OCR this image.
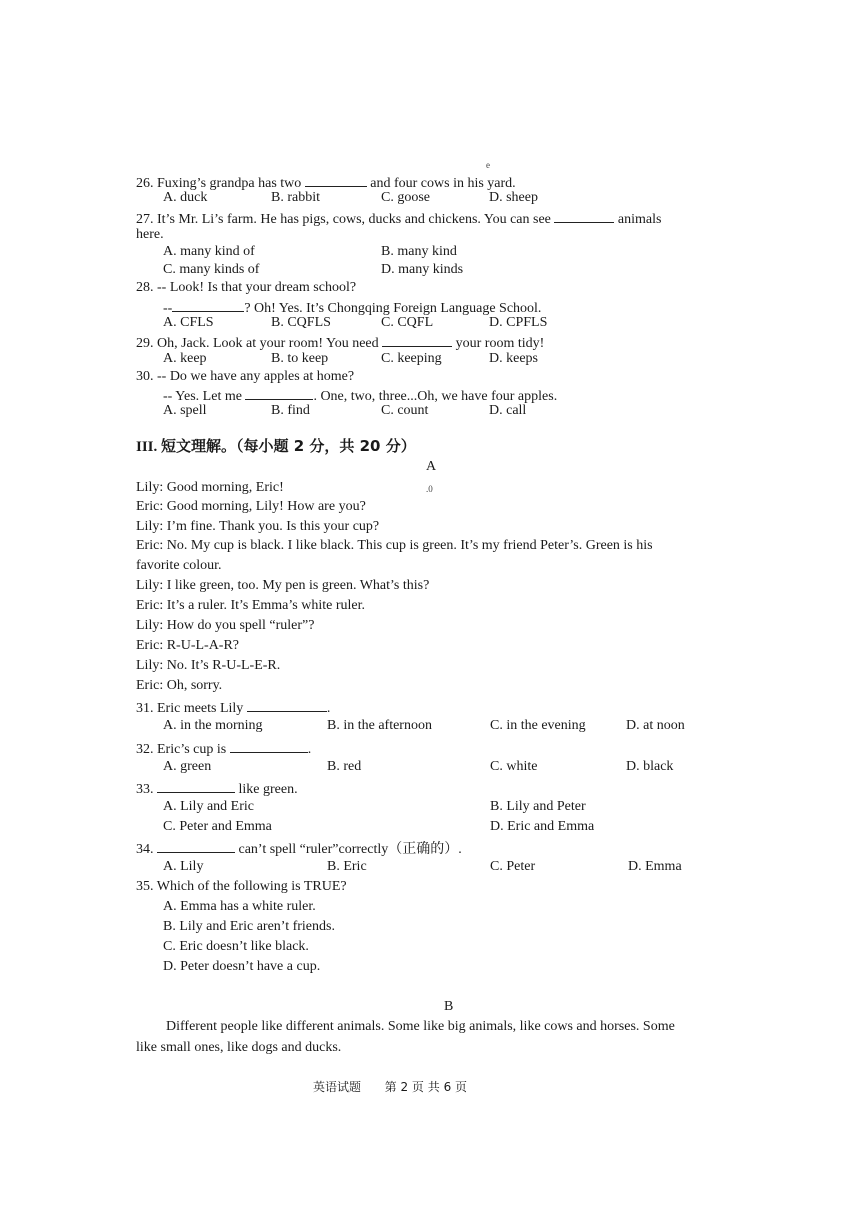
e
26. Fuxing’s grandpa has two	and four cows in his yard.
A. duck	B. rabbit	C. goose	D. sheep
27. It’s Mr. Li’s farm. He has pigs, cows, ducks and chickens. You can see	animals
here.
A. many kind of	B. many kind
C. many kinds of	D. many kinds
28. -- Look! Is that your dream school?
--	? Oh! Yes. It’s Chongqing Foreign Language School.
A. CFLS	B. CQFLS	C. CQFL	D. CPFLS
29. Oh, Jack. Look at your room! You need	your room tidy!
A. keep	B. to keep	C. keeping	D. keeps
30. -- Do we have any apples at home?
-- Yes. Let me	. One, two, three...Oh, we have four apples.
A. spell	B. find	C. count	D. call
III. 短文理解。（每小题 2 分，共 20 分）
A
.0
Lily: Good morning, Eric!
Eric: Good morning, Lily! How are you?
Lily: I’m fine. Thank you. Is this your cup?
Eric: No. My cup is black. I like black. This cup is green. It’s my friend Peter’s. Green is his
favorite colour.
Lily: I like green, too. My pen is green. What’s this?
Eric: It’s a ruler. It’s Emma’s white ruler.
Lily: How do you spell “ruler”?
Eric: R-U-L-A-R?
Lily: No. It’s R-U-L-E-R.
Eric: Oh, sorry.
31. Eric meets Lily	.
A. in the morning	B. in the afternoon	C. in the evening	D. at noon
32. Eric’s cup is	.
A. green	B. red	C. white	D. black
33.	like green.
A. Lily and Eric	B. Lily and Peter
C. Peter and Emma	D. Eric and Emma
34.	can’t spell “ruler”correctly（正确的）.
A. Lily	B. Eric	C. Peter	D. Emma
35. Which of the following is TRUE?
A. Emma has a white ruler.
B. Lily and Eric aren’t friends.
C. Eric doesn’t like black.
D. Peter doesn’t have a cup.
B
Different people like different animals. Some like big animals, like cows and horses. Some
like small ones, like dogs and ducks.
英语试题 第 2 页 共 6 页
